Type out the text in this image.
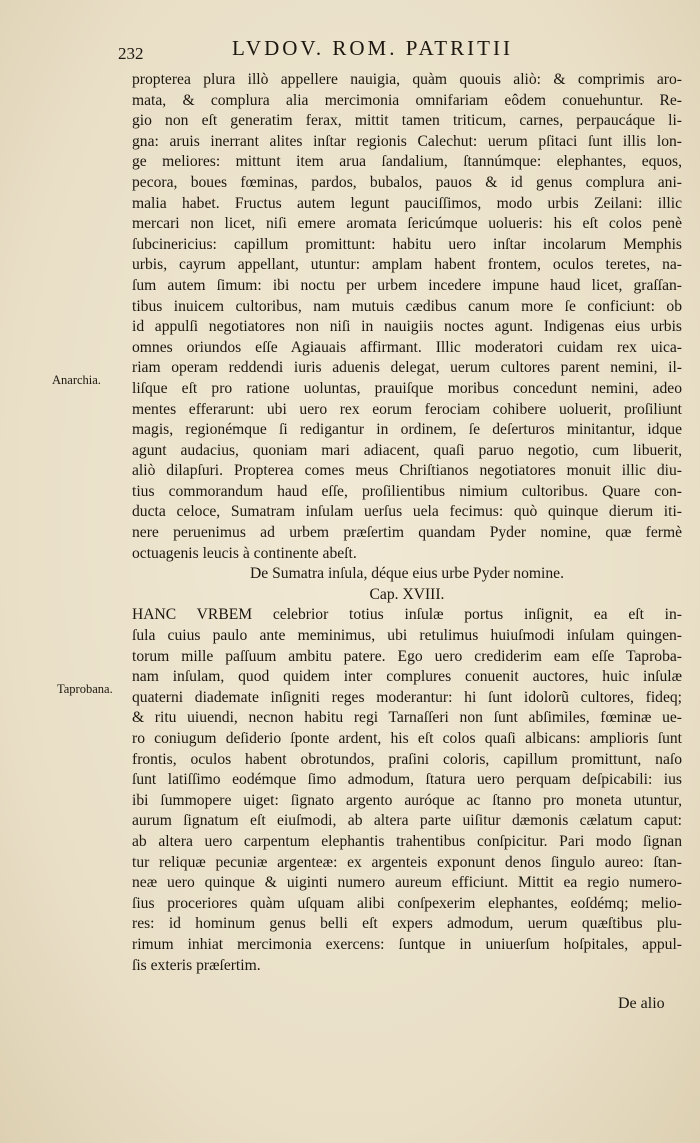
232	LVDOV. ROM. PATRITII
Anarchia.
Taprobana.
propterea plura illò appellere nauigia, quàm quouis aliò: & comprimis aro-
mata, & complura alia mercimonia omnifariam eôdem conuehuntur. Re-
gio non eſt generatim ferax, mittit tamen triticum, carnes, perpaucáque li-
gna: aruis inerrant alites inſtar regionis Calechut: uerum pſitaci ſunt illis lon-
ge meliores: mittunt item arua ſandalium, ſtannúmque: elephantes, equos,
pecora, boues fœminas, pardos, bubalos, pauos & id genus complura ani-
malia habet. Fructus autem legunt pauciſſimos, modo urbis Zeilani: illic
mercari non licet, niſi emere aromata ſericúmque uolueris: his eſt colos penè
ſubcinericius: capillum promittunt: habitu uero inſtar incolarum Memphis
urbis, cayrum appellant, utuntur: amplam habent frontem, oculos teretes, na-
ſum autem ſimum: ibi noctu per urbem incedere impune haud licet, graſſan-
tibus inuicem cultoribus, nam mutuis cædibus canum more ſe conficiunt: ob
id appulſi negotiatores non niſi in nauigiis noctes agunt. Indigenas eius urbis
omnes oriundos eſſe Agiauais affirmant. Illic moderatori cuidam rex uica-
riam operam reddendi iuris aduenis delegat, uerum cultores parent nemini, il-
liſque eſt pro ratione uoluntas, prauiſque moribus concedunt nemini, adeo
mentes efferarunt: ubi uero rex eorum ferociam cohibere uoluerit, proſiliunt
magis, regionémque ſi redigantur in ordinem, ſe deſerturos minitantur, idque
agunt audacius, quoniam mari adiacent, quaſi paruo negotio, cum libuerit,
aliò dilapſuri. Propterea comes meus Chriſtianos negotiatores monuit illic diu-
tius commorandum haud eſſe, proſilientibus nimium cultoribus. Quare con-
ducta celoce, Sumatram inſulam uerſus uela fecimus: quò quinque dierum iti-
nere peruenimus ad urbem præſertim quandam Pyder nomine, quæ fermè
octuagenis leucis à continente abeſt.
De Sumatra inſula, déque eius urbe Pyder nomine.
Cap. XVIII.
HANC VRBEM celebrior totius inſulæ portus inſignit, ea eſt in-
ſula cuius paulo ante meminimus, ubi retulimus huiuſmodi inſulam quingen-
torum mille paſſuum ambitu patere. Ego uero crediderim eam eſſe Taproba-
nam inſulam, quod quidem inter complures conuenit auctores, huic inſulæ
quaterni diademate inſigniti reges moderantur: hi ſunt idolorũ cultores, fideq;
& ritu uiuendi, necnon habitu regi Tarnaſſeri non ſunt abſimiles, fœminæ ue-
ro coniugum deſiderio ſponte ardent, his eſt colos quaſi albicans: amplioris ſunt
frontis, oculos habent obrotundos, praſini coloris, capillum promittunt, naſo
ſunt latiſſimo eodémque ſimo admodum, ſtatura uero perquam deſpicabili: ius
ibi ſummopere uiget: ſignato argento auróque ac ſtanno pro moneta utuntur,
aurum ſignatum eſt eiuſmodi, ab altera parte uiſitur dæmonis cælatum caput:
ab altera uero carpentum elephantis trahentibus conſpicitur. Pari modo ſignan
tur reliquæ pecuniæ argenteæ: ex argenteis exponunt denos ſingulo aureo: ſtan-
neæ uero quinque & uiginti numero aureum efficiunt. Mittit ea regio numero-
ſius proceriores quàm uſquam alibi conſpexerim elephantes, eoſdémq; melio-
res: id hominum genus belli eſt expers admodum, uerum quæſtibus plu-
rimum inhiat mercimonia exercens: ſuntque in uniuerſum hoſpitales, appul-
ſis exteris præſertim.
De alio
